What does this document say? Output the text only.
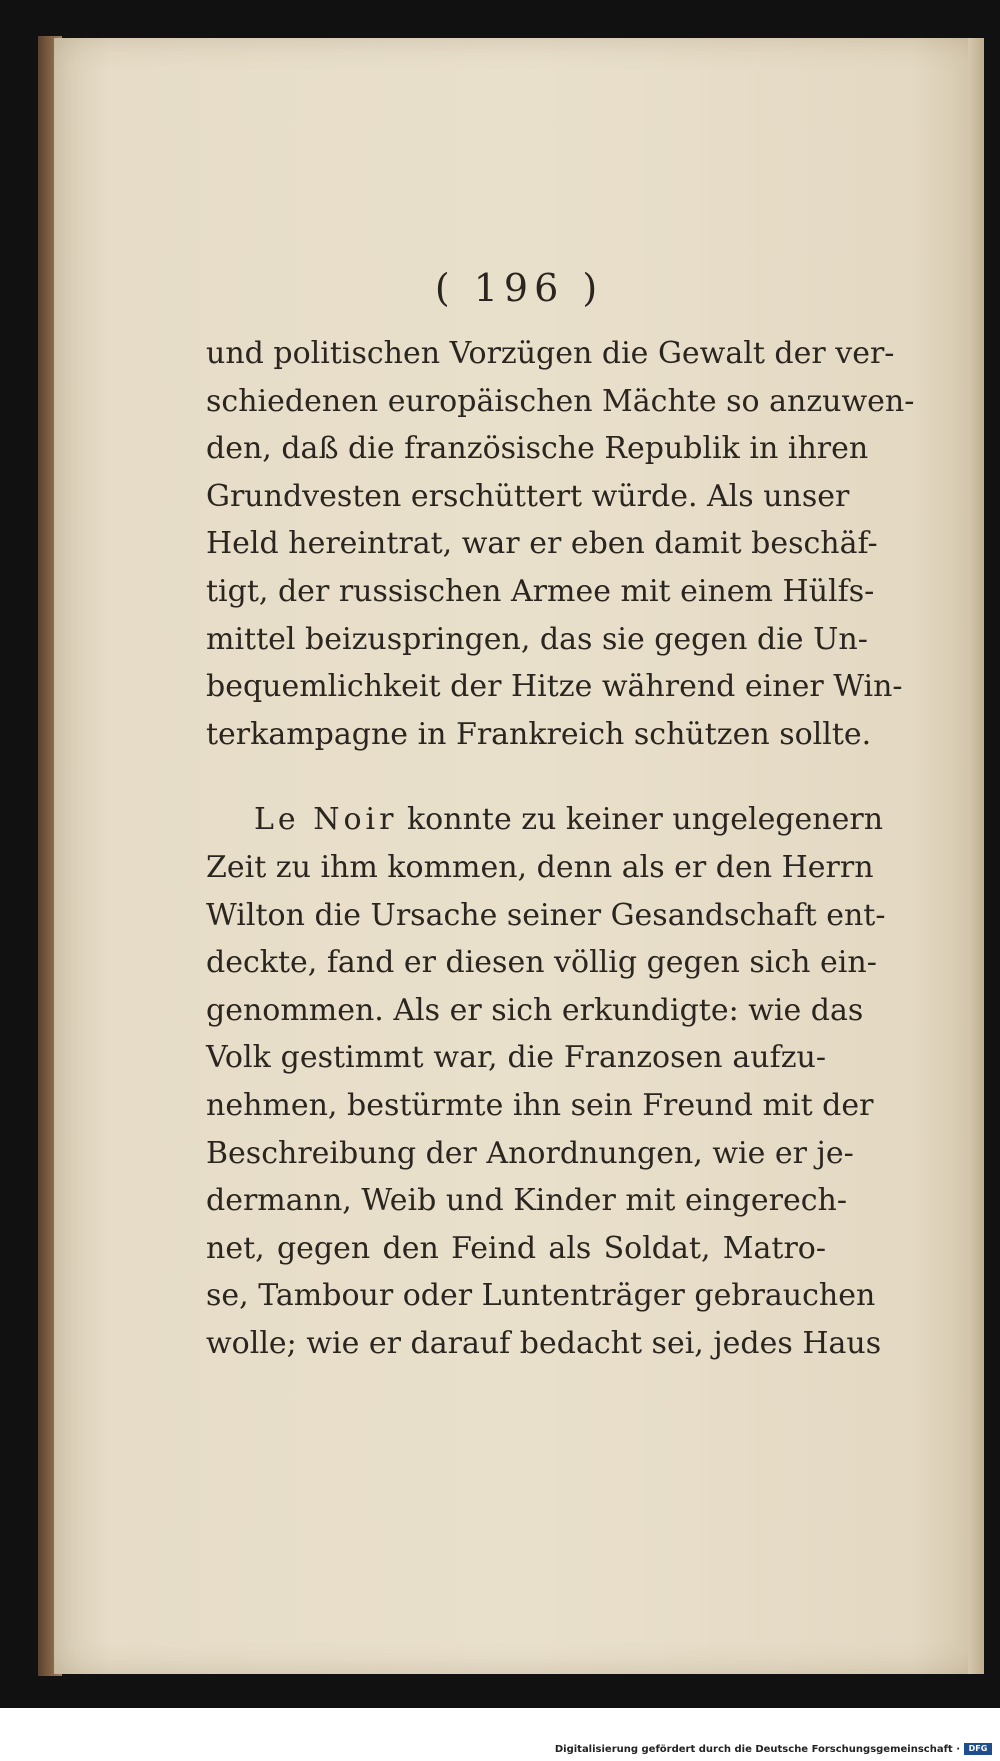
( 196 )

und politischen Vorzügen die Gewalt der ver-
schiedenen europäischen Mächte so anzuwen-
den, daß die französische Republik in ihren
Grundvesten erschüttert würde. Als unser
Held hereintrat, war er eben damit beschäf-
tigt, der russischen Armee mit einem Hülfs-
mittel beizuspringen, das sie gegen die Un-
bequemlichkeit der Hitze während einer Win-
terkampagne in Frankreich schützen sollte.

Le Noir konnte zu keiner ungelegenern
Zeit zu ihm kommen, denn als er den Herrn
Wilton die Ursache seiner Gesandschaft ent-
deckte, fand er diesen völlig gegen sich ein-
genommen. Als er sich erkundigte: wie das
Volk gestimmt war, die Franzosen aufzu-
nehmen, bestürmte ihn sein Freund mit der
Beschreibung der Anordnungen, wie er je-
dermann, Weib und Kinder mit eingerech-
net, gegen den Feind als Soldat, Matro-
se, Tambour oder Luntenträger gebrauchen
wolle; wie er darauf bedacht sei, jedes Haus

Digitalisierung gefördert durch die Deutsche Forschungsgemeinschaft ·	DFG
